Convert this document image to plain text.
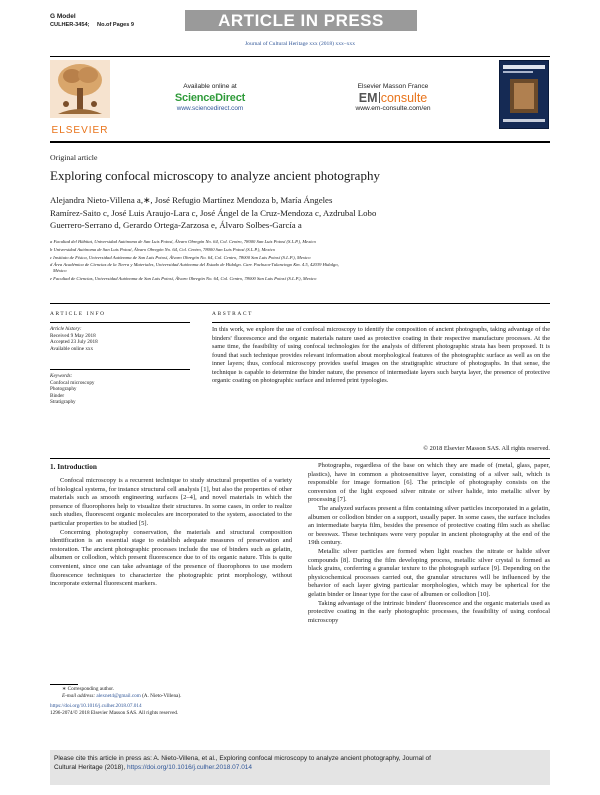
G Model
CULHER-3454; No.of Pages 9	ARTICLE IN PRESS
Journal of Cultural Heritage xxx (2018) xxx–xxx
ELSEVIER
Available online at
ScienceDirect
www.sciencedirect.com
Elsevier Masson France
EM consulte
www.em-consulte.com/en
Original article
Exploring confocal microscopy to analyze ancient photography
Alejandra Nieto-Villena a,∗, José Refugio Martínez Mendoza b, María Ángeles
Ramírez-Saito c, José Luis Araujo-Lara c, José Ángel de la Cruz-Mendoza c, Azdrubal Lobo
Guerrero-Serrano d, Gerardo Ortega-Zarzosa e, Álvaro Solbes-García a
a Facultad del Hábitat, Universidad Autónoma de San Luis Potosí, Álvaro Obregón No. 64, Col. Centro, 78000 San Luis Potosí (S.L.P.), Mexico
b Universidad Autónoma de San Luis Potosí, Álvaro Obregón No. 64, Col. Centro, 78000 San Luis Potosí (S.L.P.), Mexico
c Instituto de Física, Universidad Autónoma de San Luis Potosí, Álvaro Obregón No. 64, Col. Centro, 78000 San Luis Potosí (S.L.P.), Mexico
d Área Académica de Ciencias de la Tierra y Materiales, Universidad Autónoma del Estado de Hidalgo. Carr. Pachuca-Tulancingo Km. 4.5, 42039 Hidalgo,
México
e Facultad de Ciencias, Universidad Autónoma de San Luis Potosí, Álvaro Obregón No. 64, Col. Centro, 78000 San Luis Potosí (S.L.P.), Mexico
ARTICLE INFO
Article history:
Received 9 May 2018
Accepted 23 July 2018
Available online xxx
Keywords:
Confocal microscopy
Photography
Binder
Stratigraphy
ABSTRACT
In this work, we explore the use of confocal microscopy to identify the composition of ancient photographs, taking advantage of the binders' fluorescence and the organic materials nature used as protective coating in their respective manufacture processes. At the same time, the feasibility of using confocal technologies for the analysis of different photographic strata has been proposed. It is found that such technique provides relevant information about morphological features of the photographic surface as well as on the inner layers; thus, confocal microscopy provides useful images on the stratigraphic structure of photographs. In that sense, the technique is capable to determine the binder nature, the presence of intermediate layers such baryta layer, the presence of protective organic coating on photographic surface and inferred print typologies.
© 2018 Elsevier Masson SAS. All rights reserved.
1. Introduction
Confocal microscopy is a recurrent technique to study structural properties of a variety of biological systems, for instance structural cell analysis [1], but also the properties of other materials such as smooth engineering surfaces [2–4], and novel materials in which the presence of fluorophores help to visualize their structures. In some cases, in order to realize such studies, fluorescent organic molecules are incorporated to the system, associated to the particular properties to be studied [5].
Concerning photography conservation, the materials and structural composition identification is an essential stage to establish adequate measures of preservation and restoration. The ancient photographic processes include the use of binders such as gelatin, albumen or collodion, which present fluorescence due to of its organic nature. This is quite convenient, since one can take advantage of the presence of fluorophores to use modern fluorescence techniques to characterize the photographic print morphology, without incorporate external fluorescent markers.
Photographs, regardless of the base on which they are made of (metal, glass, paper, plastics), have in common a photosensitive layer, consisting of a silver salt, which is responsible for image formation [6]. The principle of photography consists on the conversion of the light exposed silver nitrate or silver halide, into metallic silver by processing [7].
The analyzed surfaces present a film containing silver particles incorporated in a gelatin, albumen or collodion binder on a support, usually paper. In some cases, the surface includes an intermediate baryta film, besides the presence of protective coating film such as shellac or beeswax. These techniques were very popular in ancient photography at the end of the 19th century.
Metallic silver particles are formed when light reaches the nitrate or halide silver compounds [8]. During the film developing process, metallic silver crystal is formed as black grains, conferring a granular texture to the photograph surface [9]. Depending on the physicochemical processes carried out, the granular structures will be influenced by the behavior of each layer giving particular morphologies, which may be spherical for the gelatin binder or linear type for the case of albumen or collodion [10].
Taking advantage of the intrinsic binders' fluorescence and the organic materials used as protective coating in the early photographic processes, the feasibility of using confocal microscopy
∗ Corresponding author.
E-mail address: alexnet4@gmail.com (A. Nieto-Villena).
https://doi.org/10.1016/j.culher.2018.07.014
1296-2074/© 2018 Elsevier Masson SAS. All rights reserved.
Please cite this article in press as: A. Nieto-Villena, et al., Exploring confocal microscopy to analyze ancient photography, Journal of
Cultural Heritage (2018), https://doi.org/10.1016/j.culher.2018.07.014
